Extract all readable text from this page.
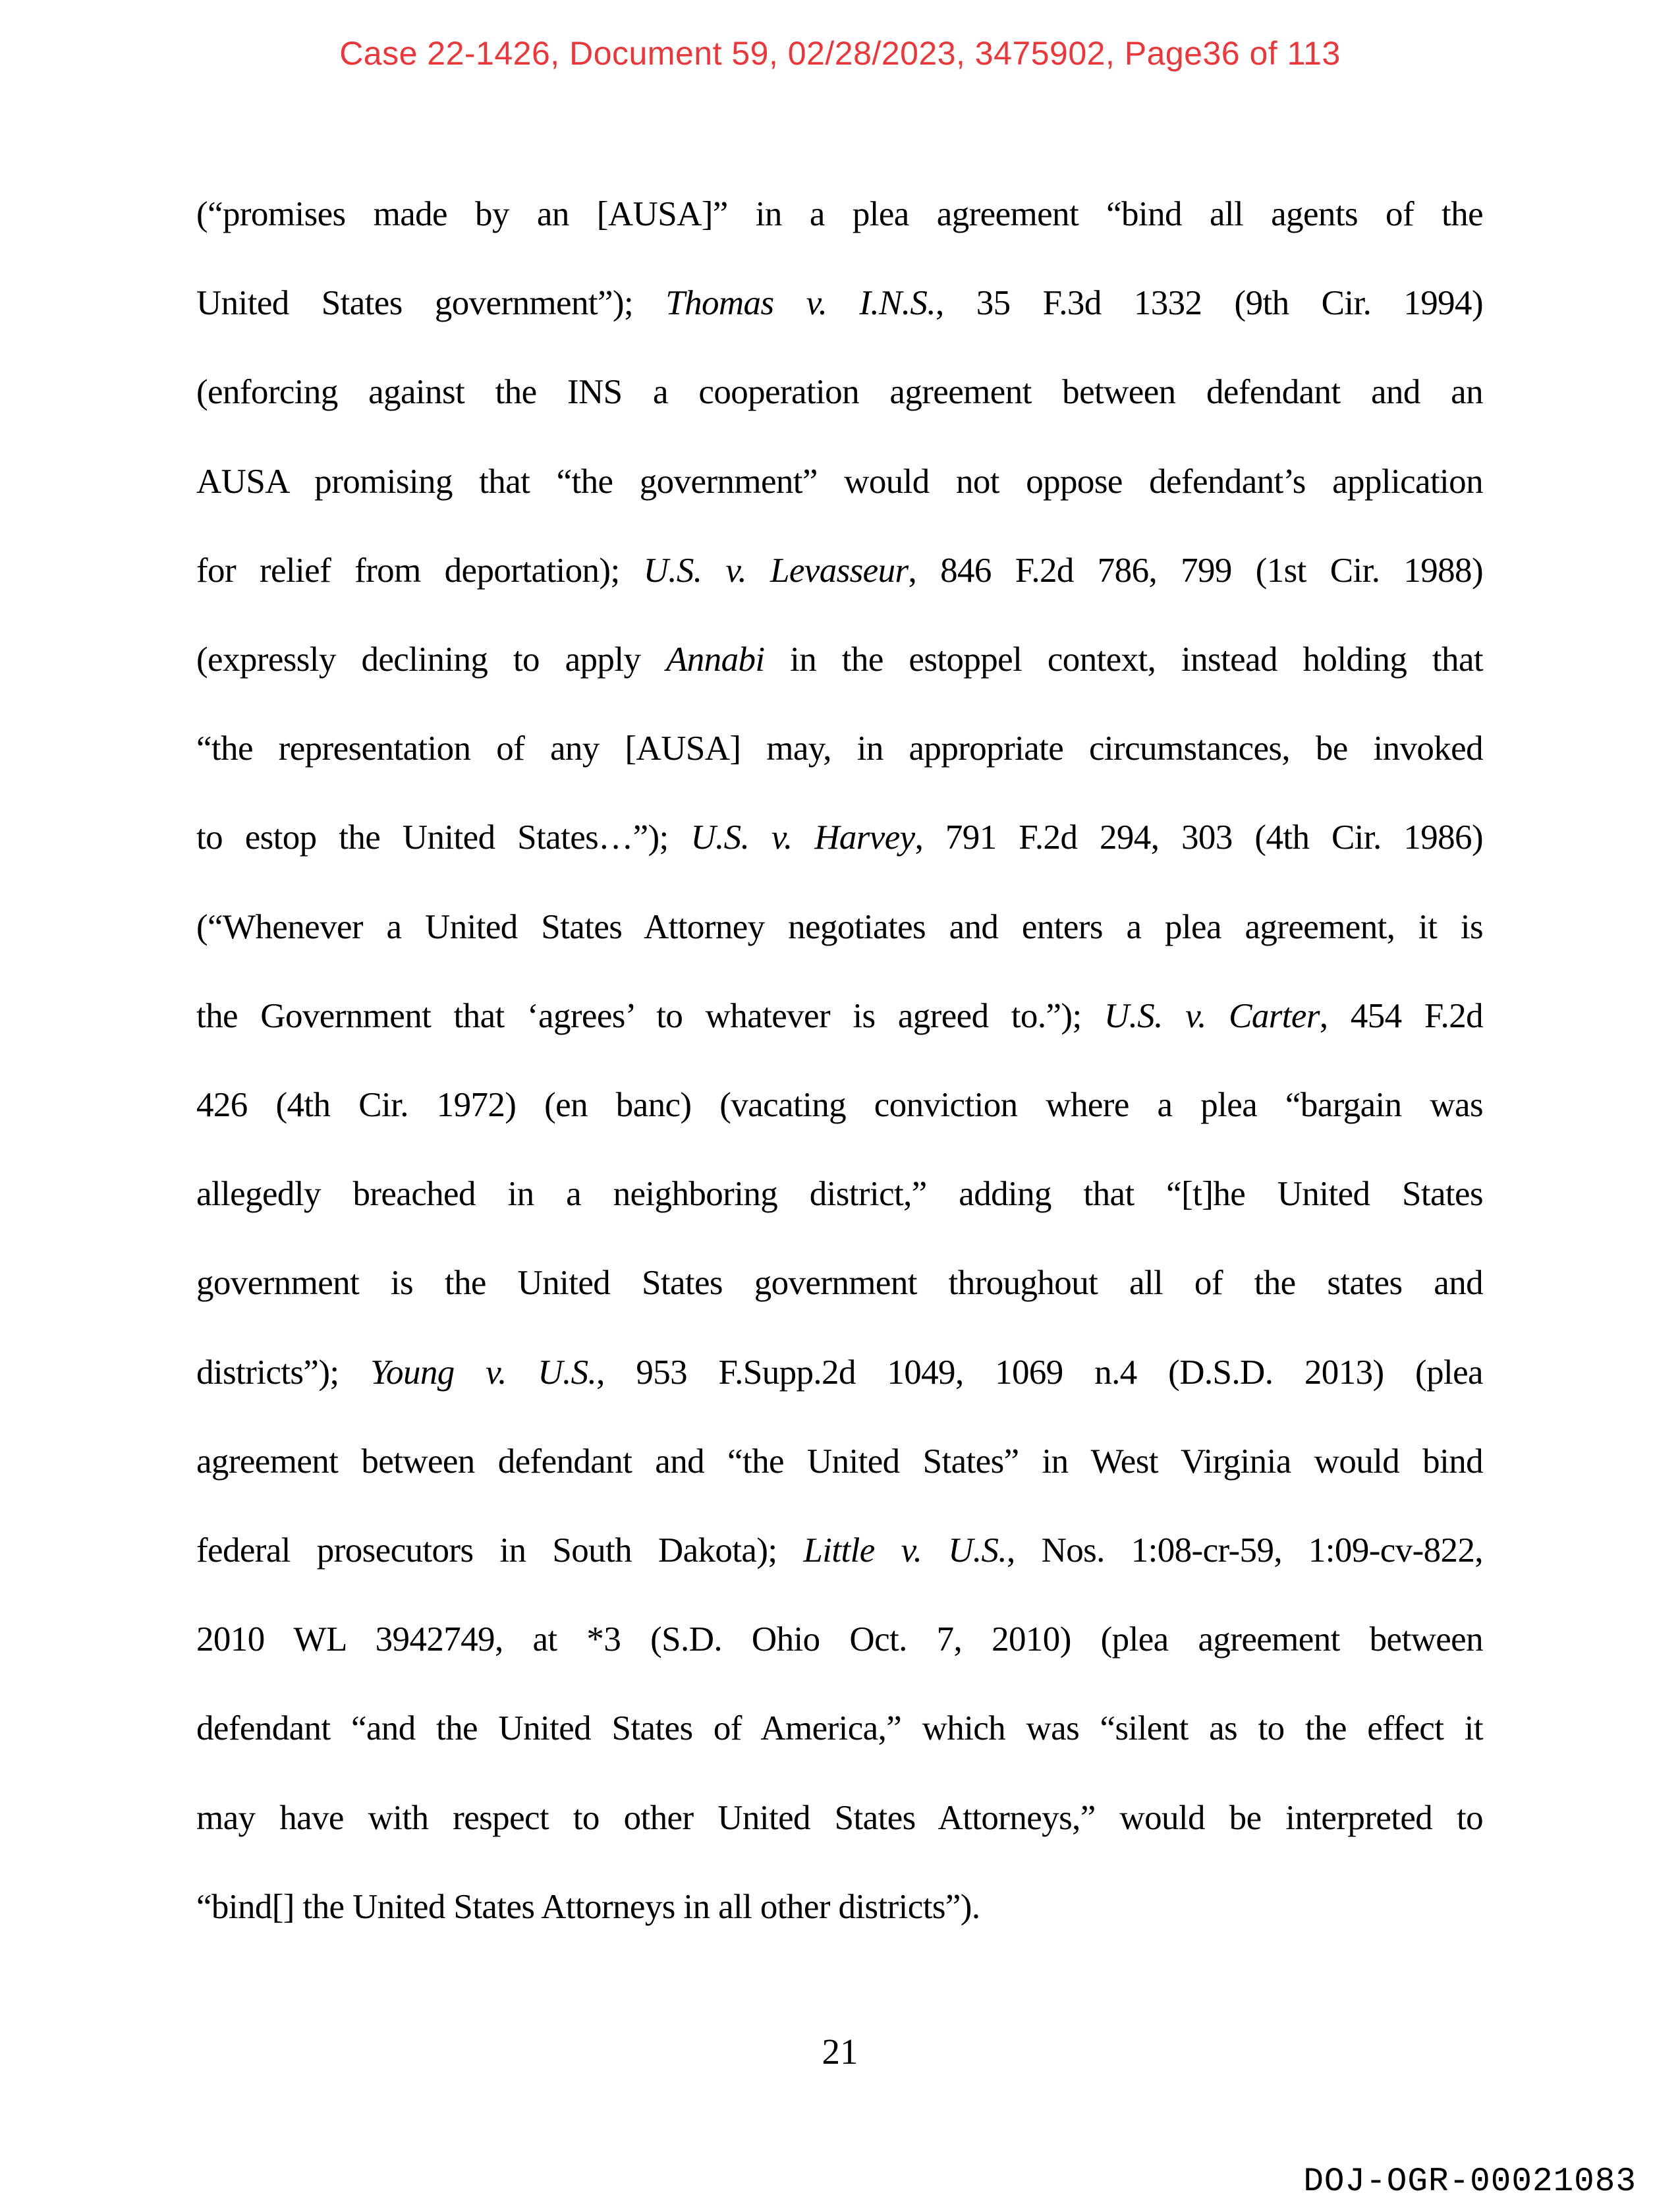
Case 22-1426, Document 59, 02/28/2023, 3475902, Page36 of 113
(“promises made by an [AUSA]” in a plea agreement “bind all agents of the
United States government”); Thomas v. I.N.S., 35 F.3d 1332 (9th Cir. 1994)
(enforcing against the INS a cooperation agreement between defendant and an
AUSA promising that “the government” would not oppose defendant’s application
for relief from deportation); U.S. v. Levasseur, 846 F.2d 786, 799 (1st Cir. 1988)
(expressly declining to apply Annabi in the estoppel context, instead holding that
“the representation of any [AUSA] may, in appropriate circumstances, be invoked
to estop the United States…”); U.S. v. Harvey, 791 F.2d 294, 303 (4th Cir. 1986)
(“Whenever a United States Attorney negotiates and enters a plea agreement, it is
the Government that ‘agrees’ to whatever is agreed to.”); U.S. v. Carter, 454 F.2d
426 (4th Cir. 1972) (en banc) (vacating conviction where a plea “bargain was
allegedly breached in a neighboring district,” adding that “[t]he United States
government is the United States government throughout all of the states and
districts”); Young v. U.S., 953 F.Supp.2d 1049, 1069 n.4 (D.S.D. 2013) (plea
agreement between defendant and “the United States” in West Virginia would bind
federal prosecutors in South Dakota); Little v. U.S., Nos. 1:08-cr-59, 1:09-cv-822,
2010 WL 3942749, at *3 (S.D. Ohio Oct. 7, 2010) (plea agreement between
defendant “and the United States of America,” which was “silent as to the effect it
may have with respect to other United States Attorneys,” would be interpreted to
“bind[] the United States Attorneys in all other districts”).
21
DOJ-OGR-00021083
